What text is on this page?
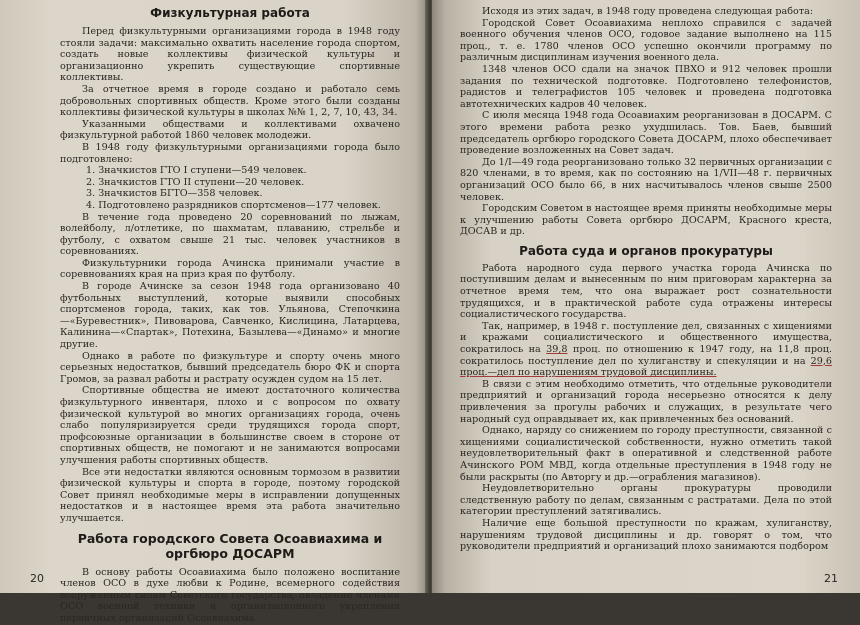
Физкультурная работа

Перед физкультурными организациями города в 1948 году стояли задачи: максимально охватить население города спортом, создать новые коллективы физической культуры и организационно укрепить существующие спортивные коллективы.

За отчетное время в городе создано и работало семь добровольных спортивных обществ. Кроме этого были созданы коллективы физической культуры в школах №№ 1, 2, 7, 10, 43, 34.

Указанными обществами и коллективами охвачено физкультурной работой 1860 человек молодежи.

В 1948 году физкультурными организациями города было подготовлено:

1. Значкистов ГТО I ступени—549 человек.
2. Значкистов ГТО II ступени—20 человек.
3. Значкистов БГТО—358 человек.
4. Подготовлено разрядников спортсменов—177 человек.

В течение года проведено 20 соревнований по лыжам, волейболу, л/отлетике, по шахматам, плаванию, стрельбе и футболу, с охватом свыше 21 тыс. человек участников в соревнованиях.

Физкультурники города Ачинска принимали участие в соревнованиях края на приз края по футболу.

В городе Ачинске за сезон 1948 года организовано 40 футбольных выступлений, которые выявили способных спортсменов города, таких, как тов. Ульянова, Степочкина—«Буревестник», Пивоварова, Савченко, Кислицина, Латарцева, Калинина—«Спартак», Потехина, Базылева—«Динамо» и многие другие.

Однако в работе по физкультуре и спорту очень много серьезных недостатков, бывший председатель бюро ФК и спорта Громов, за развал работы и растрату осужден судом на 15 лет.

Спортивные общества не имеют достаточного количества физкультурного инвентаря, плохо и с вопросом по охвату физической культурой во многих организациях города, очень слабо популяризируется среди трудящихся города спорт, профсоюзные организации в большинстве своем в стороне от спортивных обществ, не помогают и не занимаются вопросами улучшения работы спортивных обществ.

Все эти недостатки являются основным тормозом в развитии физической культуры и спорта в городе, поэтому городской Совет принял необходимые меры в исправлении допущенных недостатков и в настоящее время эта работа значительно улучшается.

Работа городского Совета Осоавиахима и оргбюро ДОСАРМ

В основу работы Осоавиахима было положено воспитание членов ОСО в духе любви к Родине, всемерного содействия вооруженным силам Советского государства, овладение членами ОСО военной техники и организационного укрепления первичных организаций Осоавиахима.

20

Исходя из этих задач, в 1948 году проведена следующая работа:

Городской Совет Осоавиахима неплохо справился с задачей военного обучения членов ОСО, годовое задание выполнено на 115 проц., т. е. 1780 членов ОСО успешно окончили программу по различным дисциплинам изучения военного дела.

1348 членов ОСО сдали на значок ПВХО и 912 человек прошли задания по технической подготовке. Подготовлено телефонистов, радистов и телеграфистов 105 человек и проведена подготовка автотехнических кадров 40 человек.

С июля месяца 1948 года Осоавиахим реорганизован в ДОСАРМ. С этого времени работа резко ухудшилась. Тов. Баев, бывший председатель оргбюро городского Совета ДОСАРМ, плохо обеспечивает проведение возложенных на Совет задач.

До 1/I—49 года реорганизовано только 32 первичных организации с 820 членами, в то время, как по состоянию на 1/VII—48 г. первичных организаций ОСО было 66, в них насчитывалось членов свыше 2500 человек.

Городским Советом в настоящее время приняты необходимые меры к улучшению работы Совета оргбюро ДОСАРМ, Красного креста, ДОСАВ и др.

Работа суда и органов прокуратуры

Работа народного суда первого участка города Ачинска по поступившим делам и вынесенным по ним приговорам характерна за отчетное время тем, что она выражает рост сознательности трудящихся, и в практической работе суда отражены интересы социалистического государства.

Так, например, в 1948 г. поступление дел, связанных с хищениями и кражами социалистического и общественного имущества, сократилось на 39,8 проц. по отношению к 1947 году, на 11,8 проц. сократилось поступление дел по хулиганству и спекуляции и на 29,6 проц.—дел по нарушениям трудовой дисциплины.

В связи с этим необходимо отметить, что отдельные руководители предприятий и организаций города несерьезно относятся к делу привлечения за прогулы рабочих и служащих, в результате чего народный суд оправдывает их, как привлеченных без оснований.

Однако, наряду со снижением по городу преступности, связанной с хищениями социалистической собственности, нужно отметить такой неудовлетворительный факт в оперативной и следственной работе Ачинского РОМ МВД, когда отдельные преступления в 1948 году не были раскрыты (по Авторгу и др.—ограбления магазинов).

Неудовлетворительно органы прокуратуры проводили следственную работу по делам, связанным с растратами. Дела по этой категории преступлений затягивались.

Наличие еще большой преступности по кражам, хулиганству, нарушениям трудовой дисциплины и др. говорят о том, что руководители предприятий и организаций плохо занимаются подбором

21
